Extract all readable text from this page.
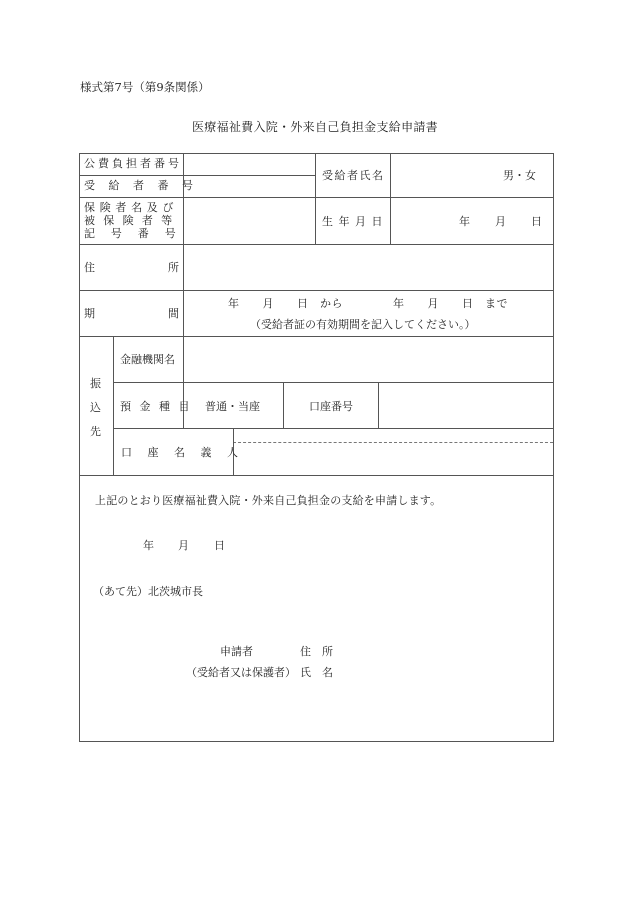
様式第7号（第9条関係）
医療福祉費入院・外来自己負担金支給申請書
公費負担者番号
受 給 者 番 号
受給者氏名	男・女
保 険 者 名 及 び
被 保 険 者 等
記 号 番 号
生 年 月 日	年 月 日
住	所
期	間
年　　月　　日　から	年　　月　　日　まで
（受給者証の有効期間を記入してください。）
振
込
先
金融機関名
預 金 種 目 普通・当座	口座番号
口 座 名 義 人
上記のとおり医療福祉費入院・外来自己負担金の支給を申請します。
年 月 日
（あて先）北茨城市長
申請者	住　所
（受給者又は保護者） 氏　名
